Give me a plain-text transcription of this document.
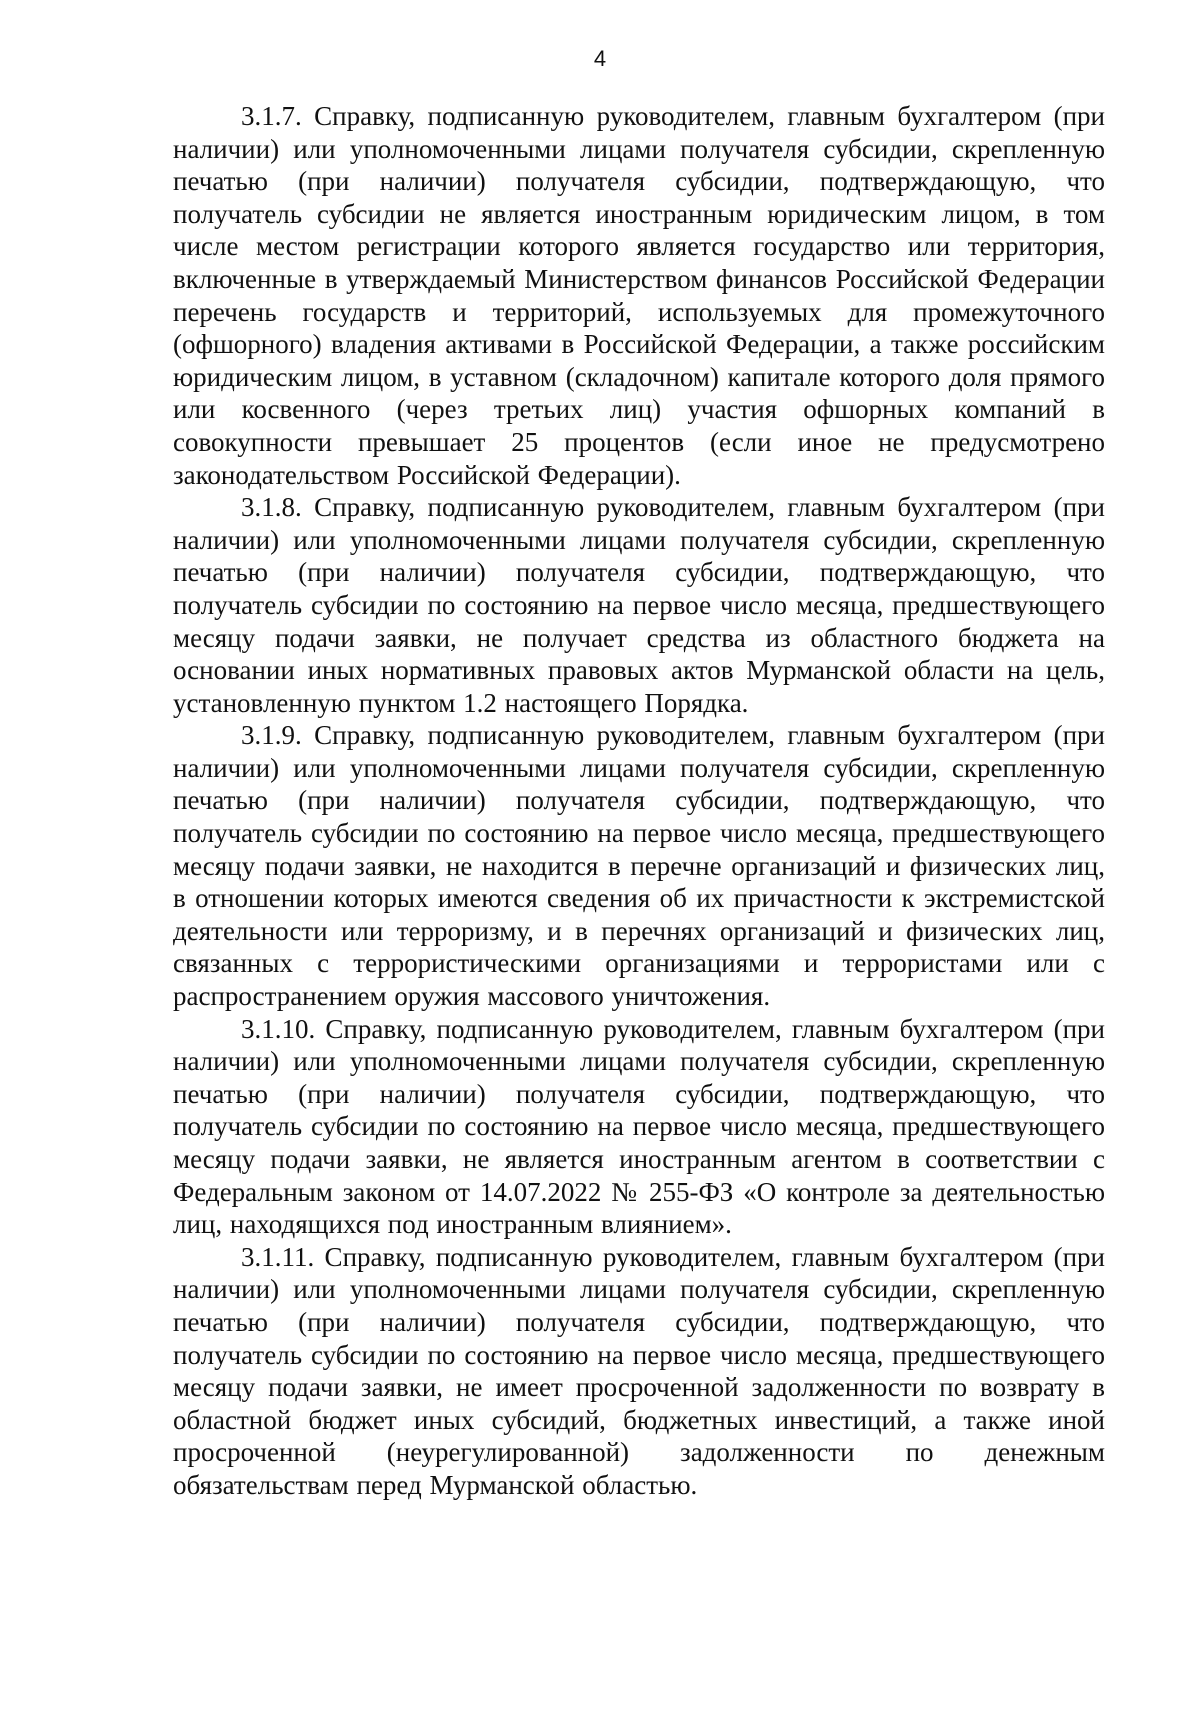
4

3.1.7. Справку, подписанную руководителем, главным бухгалтером (при наличии) или уполномоченными лицами получателя субсидии, скрепленную печатью (при наличии) получателя субсидии, подтверждающую, что получатель субсидии не является иностранным юридическим лицом, в том числе местом регистрации которого является государство или территория, включенные в утверждаемый Министерством финансов Российской Федерации перечень государств и территорий, используемых для промежуточного (офшорного) владения активами в Российской Федерации, а также российским юридическим лицом, в уставном (складочном) капитале которого доля прямого или косвенного (через третьих лиц) участия офшорных компаний в совокупности превышает 25 процентов (если иное не предусмотрено законодательством Российской Федерации).

3.1.8. Справку, подписанную руководителем, главным бухгалтером (при наличии) или уполномоченными лицами получателя субсидии, скрепленную печатью (при наличии) получателя субсидии, подтверждающую, что получатель субсидии по состоянию на первое число месяца, предшествующего месяцу подачи заявки, не получает средства из областного бюджета на основании иных нормативных правовых актов Мурманской области на цель, установленную пунктом 1.2 настоящего Порядка.

3.1.9. Справку, подписанную руководителем, главным бухгалтером (при наличии) или уполномоченными лицами получателя субсидии, скрепленную печатью (при наличии) получателя субсидии, подтверждающую, что получатель субсидии по состоянию на первое число месяца, предшествующего месяцу подачи заявки, не находится в перечне организаций и физических лиц, в отношении которых имеются сведения об их причастности к экстремистской деятельности или терроризму, и в перечнях организаций и физических лиц, связанных с террористическими организациями и террористами или с распространением оружия массового уничтожения.

3.1.10. Справку, подписанную руководителем, главным бухгалтером (при наличии) или уполномоченными лицами получателя субсидии, скрепленную печатью (при наличии) получателя субсидии, подтверждающую, что получатель субсидии по состоянию на первое число месяца, предшествующего месяцу подачи заявки, не является иностранным агентом в соответствии с Федеральным законом от 14.07.2022 № 255-ФЗ «О контроле за деятельностью лиц, находящихся под иностранным влиянием».

3.1.11. Справку, подписанную руководителем, главным бухгалтером (при наличии) или уполномоченными лицами получателя субсидии, скрепленную печатью (при наличии) получателя субсидии, подтверждающую, что получатель субсидии по состоянию на первое число месяца, предшествующего месяцу подачи заявки, не имеет просроченной задолженности по возврату в областной бюджет иных субсидий, бюджетных инвестиций, а также иной просроченной (неурегулированной) задолженности по денежным обязательствам перед Мурманской областью.
